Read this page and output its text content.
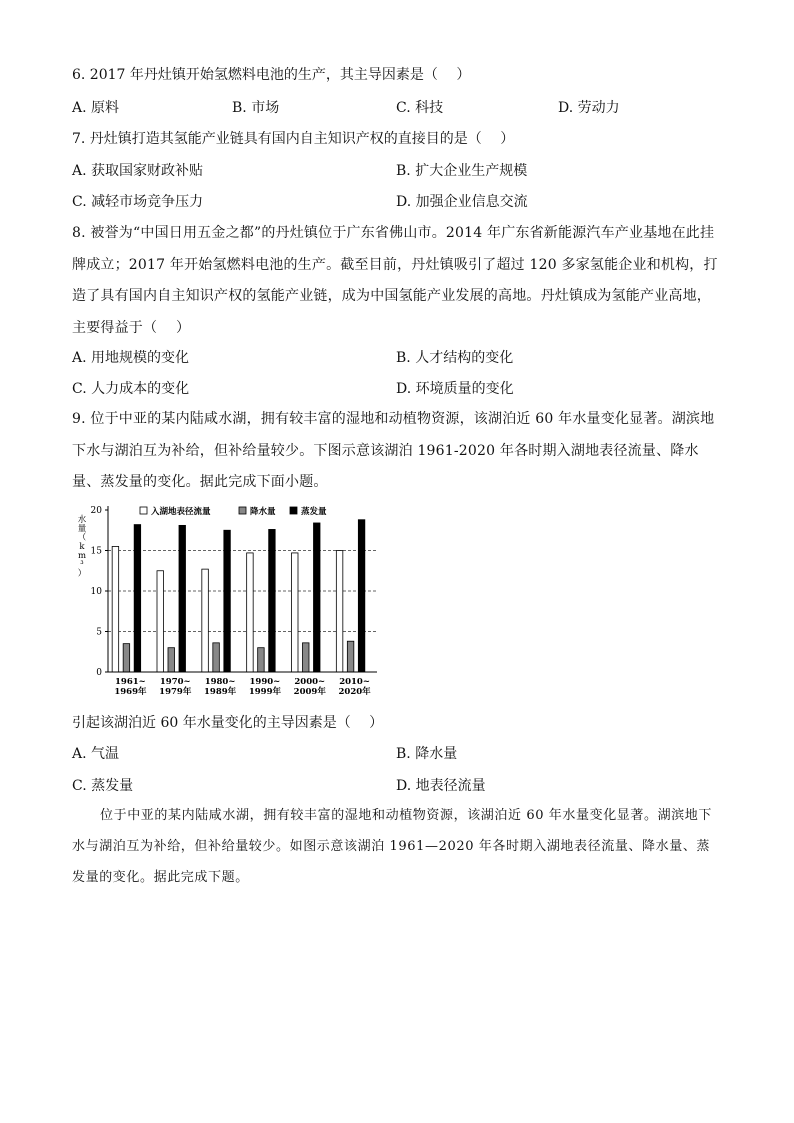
6. 2017 年丹灶镇开始氢燃料电池的生产，其主导因素是（　 ）
A. 原料	B. 市场	C. 科技	D. 劳动力
7. 丹灶镇打造其氢能产业链具有国内自主知识产权的直接目的是（　 ）
A. 获取国家财政补贴	B. 扩大企业生产规模
C. 减轻市场竞争压力	D. 加强企业信息交流
8. 被誉为“中国日用五金之都”的丹灶镇位于广东省佛山市。2014 年广东省新能源汽车产业基地在此挂牌成立；2017 年开始氢燃料电池的生产。截至目前，丹灶镇吸引了超过 120 多家氢能企业和机构，打造了具有国内自主知识产权的氢能产业链，成为中国氢能产业发展的高地。丹灶镇成为氢能产业高地，主要得益于（　 ）
A. 用地规模的变化	B. 人才结构的变化
C. 人力成本的变化	D. 环境质量的变化
9. 位于中亚的某内陆咸水湖，拥有较丰富的湿地和动植物资源，该湖泊近 60 年水量变化显著。湖滨地下水与湖泊互为补给，但补给量较少。下图示意该湖泊 1961-2020 年各时期入湖地表径流量、降水量、蒸发量的变化。据此完成下面小题。
0
5
10
15
20
水
量
（
k
m
³
）
1961~
1969年
1970~
1979年
1980~
1989年
1990~
1999年
2000~
2009年
2010~
2020年
入湖地表径流量	降水量	蒸发量
引起该湖泊近 60 年水量变化的主导因素是（　 ）
A. 气温	B. 降水量
C. 蒸发量	D. 地表径流量
位于中亚的某内陆咸水湖，拥有较丰富的湿地和动植物资源，该湖泊近 60 年水量变化显著。湖滨地下水与湖泊互为补给，但补给量较少。如图示意该湖泊 1961—2020 年各时期入湖地表径流量、降水量、蒸发量的变化。据此完成下题。
